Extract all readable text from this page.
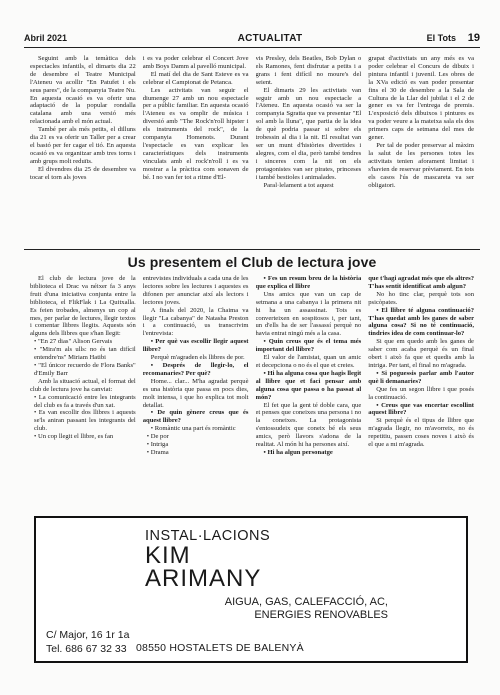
Abril 2021	ACTUALITAT	El Tots	19

Seguint amb la temàtica dels espectacles infantils, el dimarts dia 22 de desembre el Teatre Municipal l'Ateneu va acollir "En Patufet i els seus pares", de la companyia Teatre Nu. En aquesta ocasió es va oferir una adaptació de la popular rondalla catalana amb una versió més relacionada amb el món actual.

També per als més petits, el dilluns dia 21 es va oferir un Taller per a crear el bastó per fer cagar el tió. En aquesta ocasió es va organitzar amb tres torns i amb grups molt reduïts.

El divendres dia 25 de desembre va tocar el torn als joves

i es va poder celebrar el Concert Jove amb Boys Damm al pavelló municipal.

El matí del dia de Sant Esteve es va celebrar el Campionat de Petanca.

Les activitats van seguir el diumenge 27 amb un nou espectacle per a públic familiar. En aquesta ocasió l'Ateneu es va omplir de música i diversió amb "The Rock'n'roll hipster i els instruments del rock", de la companyia Homenots. Durant l'espectacle es van explicar les característiques dels instruments vinculats amb el rock'n'roll i es va mostrar a la pràctica com sonaven de bé. I no van fer tot a ritme d'El-

vis Presley, dels Beatles, Bob Dylan o els Ramones, fent disfrutar a petits i a grans i fent difícil no moure's del seient.

El dimarts 29 les activitats van seguir amb un nou espectacle a l'Ateneu. En aquesta ocasió va ser la companyia Sgratta que va presentar "El sol amb la lluna", que partia de la idea de què podria passar si sobre els trobessin al dia i la nit. El resultat van ser un munt d'històries divertides i alegres, com el dia, però també tendres i sinceres com la nit on els protagonistes van ser pirates, princeses i també bestioles i animalades.

Paral·lelament a tot aquest

grapat d'activitats un any més es va poder celebrar el Concurs de dibuix i pintura infantil i juvenil. Les obres de la XVa edició es van poder presentar fins el 30 de desembre a la Sala de Cultura de la Llar del jubilat i el 2 de gener es va fer l'entrega de premis. L'exposició dels dibuixos i pintures es va poder veure a la mateixa sala els dos primers caps de setmana del mes de gener.

Per tal de poder preservar al màxim la salut de les persones totes les activitats tenien aforament limitat i s'havien de reservar prèviament. En tots els casos l'ús de mascareta va ser obligatori.

Us presentem el Club de lectura jove

El club de lectura jove de la biblioteca el Drac va néixer fa 3 anys fruit d'una iniciativa conjunta entre la biblioteca, el FlikFlak i La Quitxalla. Es feien trobades, almenys un cop al mes, per parlar de lectures, llegir textos i comentar llibres llegits. Aquests són alguns dels llibres que s'han llegit:

• "En 27 dias" Alison Gervais
• "Mira'm als ulls: no és tan difícil entendre'ns" Miriam Hatibi
• "El únicor recuerdo de Flora Banks" d'Emily Barr

Amb la situació actual, el format del club de lectura jove ha canviat:

• La comunicació entre les integrants del club es fa a través d'un xat.
• Es van escollir dos llibres i aquests se'ls aniran passant les integrants del club.
• Un cop llegit el llibre, es fan

entrevistes individuals a cada una de les lectores sobre les lectures i aquestes es difonen per anunciar així als lectors i lectores joves.

A finals del 2020, la Chaima va llegir "La cabanya" de Natasha Preston i a continuació, us transcrivim l'entrevista:

• Per què vas escollir llegir aquest llibre?

Perquè m'agraden els llibres de por.

• Després de llegir-lo, el recomanaries? Per què?

Home... clar... M'ha agradat perquè es una història que passa en pocs dies, molt intensa, i que ho explica tot molt detallat.

• De quin gènere creus que és aquest llibre?

• Romàntic una part és romàntic

• De por
• Intriga
• Drama

• Fes un resum breu de la història que explica el llibre

Uns amics que van un cap de setmana a una cabanya i la primera nit hi ha un assassinat. Tots es converteixen en sospitosos i, per tant, un d'ells ha de ser l'assassí perquè no havia entrat ningú més a la casa.

• Quin creus que és el tema més important del llibre?

El valor de l'amistat, quan un amic et decepciona o no és el que et creies.

• Hi ha alguna cosa que hagis llegit al llibre que et faci pensar amb alguna cosa que passa o ha passat al món?

El fet que la gent té doble cara, que et penses que coneixes una persona i no la coneixes. La protagonista s'entossudeix que coneix bé els seus amics, però llavors s'adona de la realitat. Al món hi ha persones així.

• Hi ha algun personatge

que t'hagi agradat més que els altres? T'has sentit identificat amb algun?

No ho tinc clar, perquè tots son psicòpates.

• El llibre té alguna continuació? T'has quedat amb les ganes de saber alguna cosa? Si no té continuació, tindries idea de com continuar-lo?

Si que em quedo amb les ganes de saber com acaba perquè és un final obert i això fa que et quedis amb la intriga. Per tant, el final no m'agrada.

• Si poguessis parlar amb l'autor què li demanaries?

Que fes un segon llibre i que posés la continuació.

• Creus que vas encertar escollint aquest llibre?

Si perquè és el tipus de llibre que m'agrada llegir, no m'avorreix, no és repetitiu, passen coses noves i això és el que a mi m'agrada.

INSTAL·LACIONS
KIM
ARIMANY
AIGUA, GAS, CALEFACCIÓ, AC,
ENERGIES RENOVABLES
C/ Major, 16 1r 1a
Tel. 686 67 32 33 08550 HOSTALETS DE BALENYÀ
